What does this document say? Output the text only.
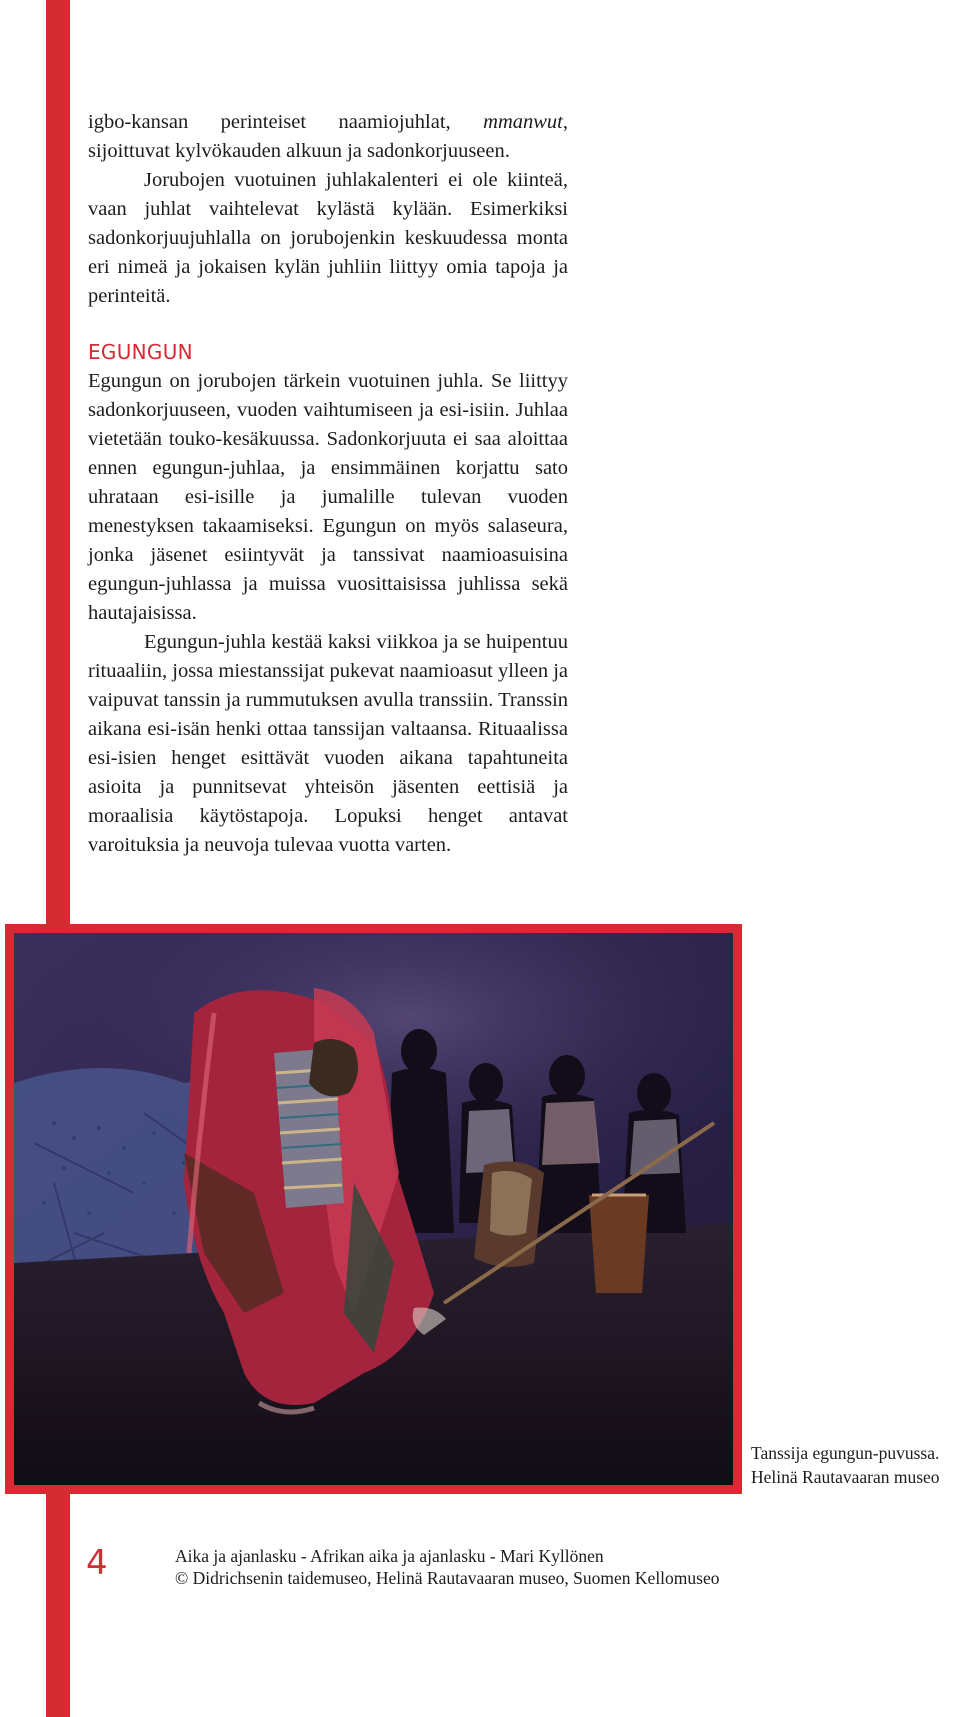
igbo-kansan perinteiset naamiojuhlat, mmanwut, sijoittuvat kylvökauden alkuun ja sadonkorjuuseen.

Jorubojen vuotuinen juhlakalenteri ei ole kiinteä, vaan juhlat vaihtelevat kylästä kylään. Esimerkiksi sadonkorjuujuhlalla on jorubojenkin keskuudessa monta eri nimeä ja jokaisen kylän juhliin liittyy omia tapoja ja perinteitä.

EGUNGUN

Egungun on jorubojen tärkein vuotuinen juhla. Se liittyy sadonkorjuuseen, vuoden vaihtumiseen ja esi-isiin. Juhlaa vietetään touko-kesäkuussa. Sadonkorjuuta ei saa aloittaa ennen egungun-juhlaa, ja ensimmäinen korjattu sato uhrataan esi-isille ja jumalille tulevan vuoden menestyksen takaamiseksi. Egungun on myös salaseura, jonka jäsenet esiintyvät ja tanssivat naamioasuisina egungun-juhlassa ja muissa vuosittaisissa juhlissa sekä hautajaisissa.

Egungun-juhla kestää kaksi viikkoa ja se huipentuu rituaaliin, jossa miestanssijat pukevat naamioasut ylleen ja vaipuvat tanssin ja rummutuksen avulla transsiin. Transsin aikana esi-isän henki ottaa tanssijan valtaansa. Rituaalissa esi-isien henget esittävät vuoden aikana tapahtuneita asioita ja punnitsevat yhteisön jäsenten eettisiä ja moraalisia käytöstapoja. Lopuksi henget antavat varoituksia ja neuvoja tulevaa vuotta varten.

Tanssija egungun-puvussa.
Helinä Rautavaaran museo
4	Aika ja ajanlasku - Afrikan aika ja ajanlasku - Mari Kyllönen
© Didrichsenin taidemuseo, Helinä Rautavaaran museo, Suomen Kellomuseo
